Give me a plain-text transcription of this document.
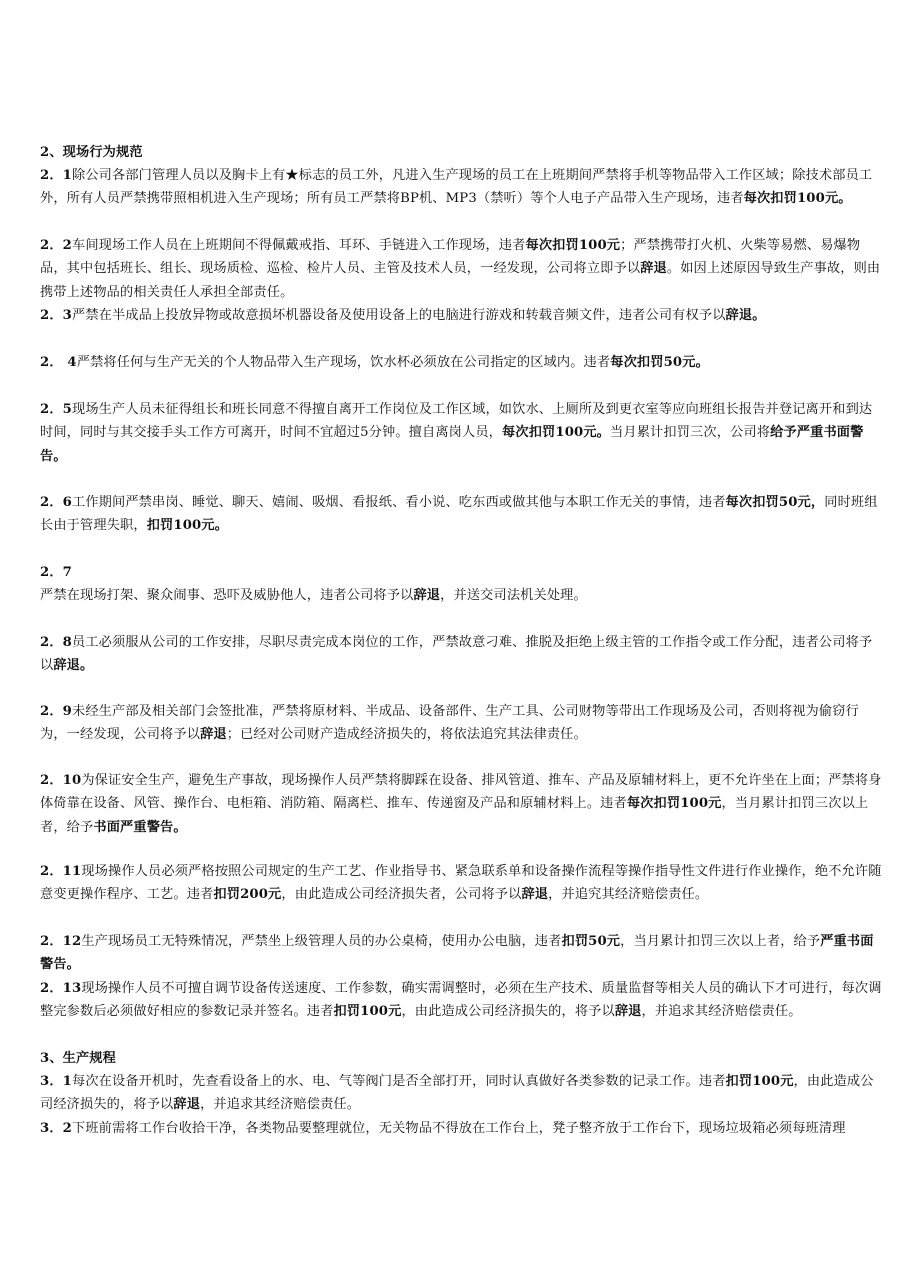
2、现场行为规范
2．1除公司各部门管理人员以及胸卡上有★标志的员工外，凡进入生产现场的员工在上班期间严禁将手机等物品带入工作区域；除技术部员工外，所有人员严禁携带照相机进入生产现场；所有员工严禁将BP机、MP3（禁听）等个人电子产品带入生产现场，违者每次扣罚100元。
2．2车间现场工作人员在上班期间不得佩戴戒指、耳环、手链进入工作现场，违者每次扣罚100元；严禁携带打火机、火柴等易燃、易爆物品，其中包括班长、组长、现场质检、巡检、检片人员、主管及技术人员，一经发现，公司将立即予以辞退。如因上述原因导致生产事故，则由携带上述物品的相关责任人承担全部责任。
2．3严禁在半成品上投放异物或故意损坏机器设备及使用设备上的电脑进行游戏和转载音频文件，违者公司有权予以辞退。
2． 4严禁将任何与生产无关的个人物品带入生产现场，饮水杯必须放在公司指定的区域内。违者每次扣罚50元。
2．5现场生产人员未征得组长和班长同意不得擅自离开工作岗位及工作区域，如饮水、上厕所及到更衣室等应向班组长报告并登记离开和到达时间，同时与其交接手头工作方可离开，时间不宜超过5分钟。擅自离岗人员，每次扣罚100元。当月累计扣罚三次，公司将给予严重书面警告。
2．6工作期间严禁串岗、睡觉、聊天、嬉闹、吸烟、看报纸、看小说、吃东西或做其他与本职工作无关的事情，违者每次扣罚50元，同时班组长由于管理失职，扣罚100元。
2．7
严禁在现场打架、聚众闹事、恐吓及威胁他人，违者公司将予以辞退，并送交司法机关处理。
2．8员工必须服从公司的工作安排，尽职尽责完成本岗位的工作，严禁故意刁难、推脱及拒绝上级主管的工作指令或工作分配，违者公司将予以辞退。
2．9未经生产部及相关部门会签批准，严禁将原材料、半成品、设备部件、生产工具、公司财物等带出工作现场及公司，否则将视为偷窃行为，一经发现，公司将予以辞退；已经对公司财产造成经济损失的，将依法追究其法律责任。
2．10为保证安全生产，避免生产事故，现场操作人员严禁将脚踩在设备、排风管道、推车、产品及原辅材料上，更不允许坐在上面；严禁将身体倚靠在设备、风管、操作台、电柜箱、消防箱、隔离栏、推车、传递窗及产品和原辅材料上。违者每次扣罚100元，当月累计扣罚三次以上者，给予书面严重警告。
2．11现场操作人员必须严格按照公司规定的生产工艺、作业指导书、紧急联系单和设备操作流程等操作指导性文件进行作业操作，绝不允许随意变更操作程序、工艺。违者扣罚200元，由此造成公司经济损失者，公司将予以辞退，并追究其经济赔偿责任。
2．12生产现场员工无特殊情况，严禁坐上级管理人员的办公桌椅，使用办公电脑，违者扣罚50元，当月累计扣罚三次以上者，给予严重书面警告。
2．13现场操作人员不可擅自调节设备传送速度、工作参数，确实需调整时，必须在生产技术、质量监督等相关人员的确认下才可进行，每次调整完参数后必须做好相应的参数记录并签名。违者扣罚100元，由此造成公司经济损失的，将予以辞退，并追求其经济赔偿责任。
3、生产规程
3．1每次在设备开机时，先查看设备上的水、电、气等阀门是否全部打开，同时认真做好各类参数的记录工作。违者扣罚100元，由此造成公司经济损失的，将予以辞退，并追求其经济赔偿责任。
3．2下班前需将工作台收拾干净，各类物品要整理就位，无关物品不得放在工作台上，凳子整齐放于工作台下，现场垃圾箱必须每班清理
